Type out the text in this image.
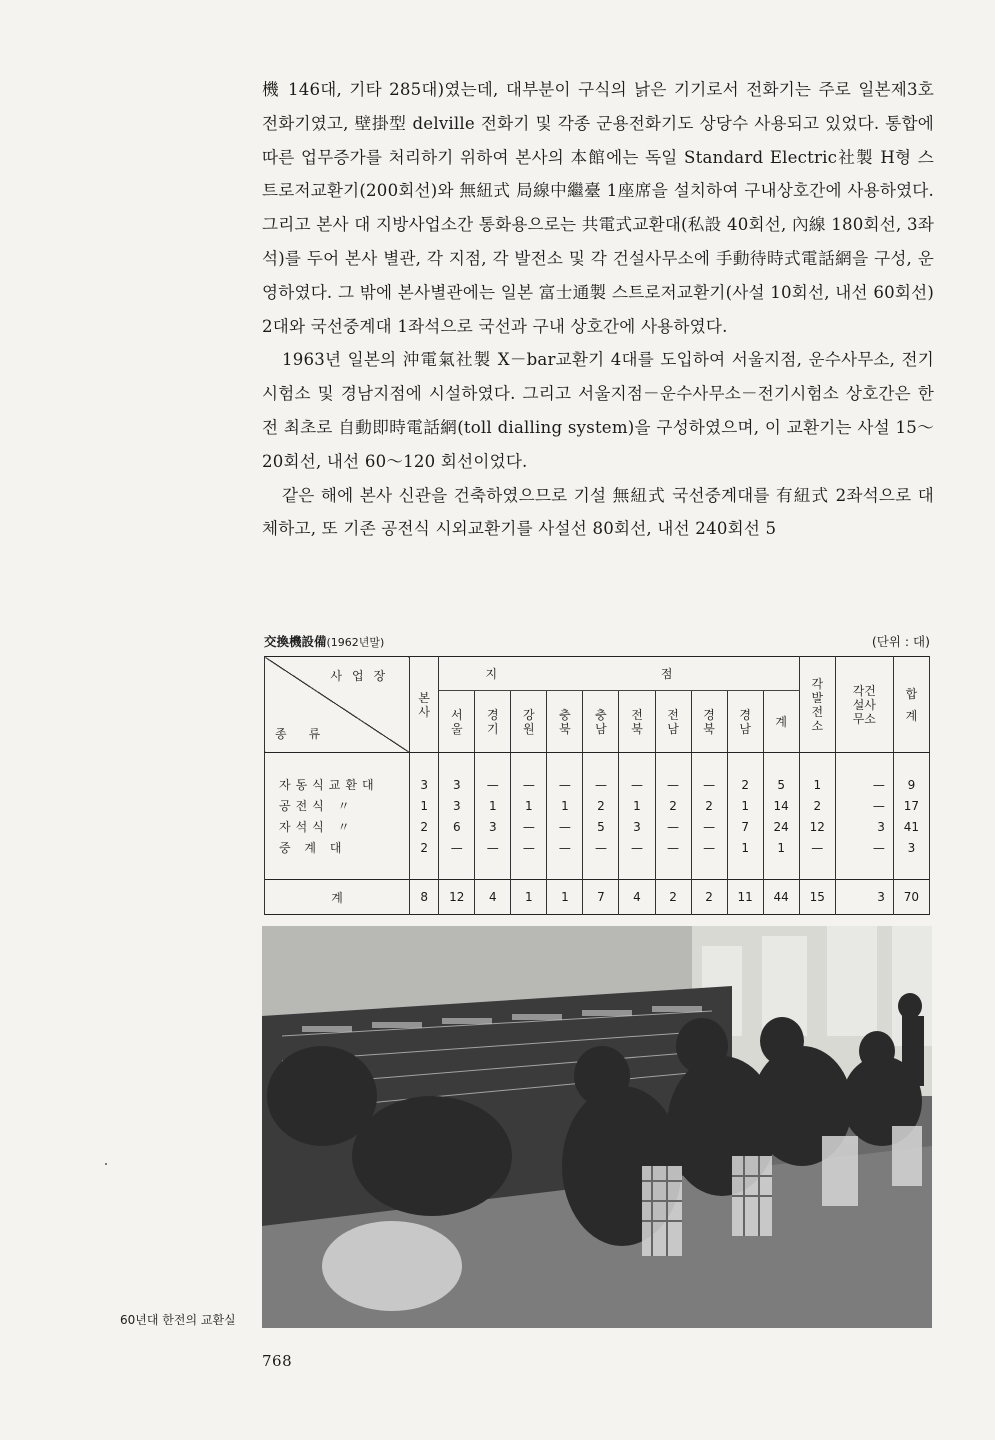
機 146대, 기타 285대)였는데, 대부분이 구식의 낡은 기기로서 전화기는 주로 일본제3호 전화기였고, 壁掛型 delville 전화기 및 각종 군용전화기도 상당수 사용되고 있었다. 통합에 따른 업무증가를 처리하기 위하여 본사의 本館에는 독일 Standard Electric社製 H형 스트로저교환기(200회선)와 無紐式 局線中繼臺 1座席을 설치하여 구내상호간에 사용하였다. 그리고 본사 대 지방사업소간 통화용으로는 共電式교환대(私設 40회선, 內線 180회선, 3좌석)를 두어 본사 별관, 각 지점, 각 발전소 및 각 건설사무소에 手動待時式電話網을 구성, 운영하였다. 그 밖에 본사별관에는 일본 富士通製 스트로저교환기(사설 10회선, 내선 60회선) 2대와 국선중계대 1좌석으로 국선과 구내 상호간에 사용하였다.

1963년 일본의 沖電氣社製 X－bar교환기 4대를 도입하여 서울지점, 운수사무소, 전기시험소 및 경남지점에 시설하였다. 그리고 서울지점－운수사무소－전기시험소 상호간은 한전 최초로 自動即時電話網(toll dialling system)을 구성하였으며, 이 교환기는 사설 15～20회선, 내선 60～120 회선이었다.

같은 해에 본사 신관을 건축하였으므로 기설 無紐式 국선중계대를 有紐式 2좌석으로 대체하고, 또 기존 공전식 시외교환기를 사설선 80회선, 내선 240회선 5

交換機設備(1962년말)	(단위 : 대)
사업장
종류	본사	지 점										각발전소	각건설사무소	합 계
		서울	경기	강원	충북	충남	전북	전남	경북	경남	계			

자동식교환대	3	3	—	—	—	—	—	—	—	2	5	1	—	9
공전식 〃	1	3	1	1	1	2	1	2	2	1	14	2	—	17
자석식 〃	2	6	3	—	—	5	3	—	—	7	24	12	3	41
중 계 대	2	—	—	—	—	—	—	—	—	1	1	—	—	3

계	8	12	4	1	1	7	4	2	2	11	44	15	3	70
60년대 한전의 교환실
768
